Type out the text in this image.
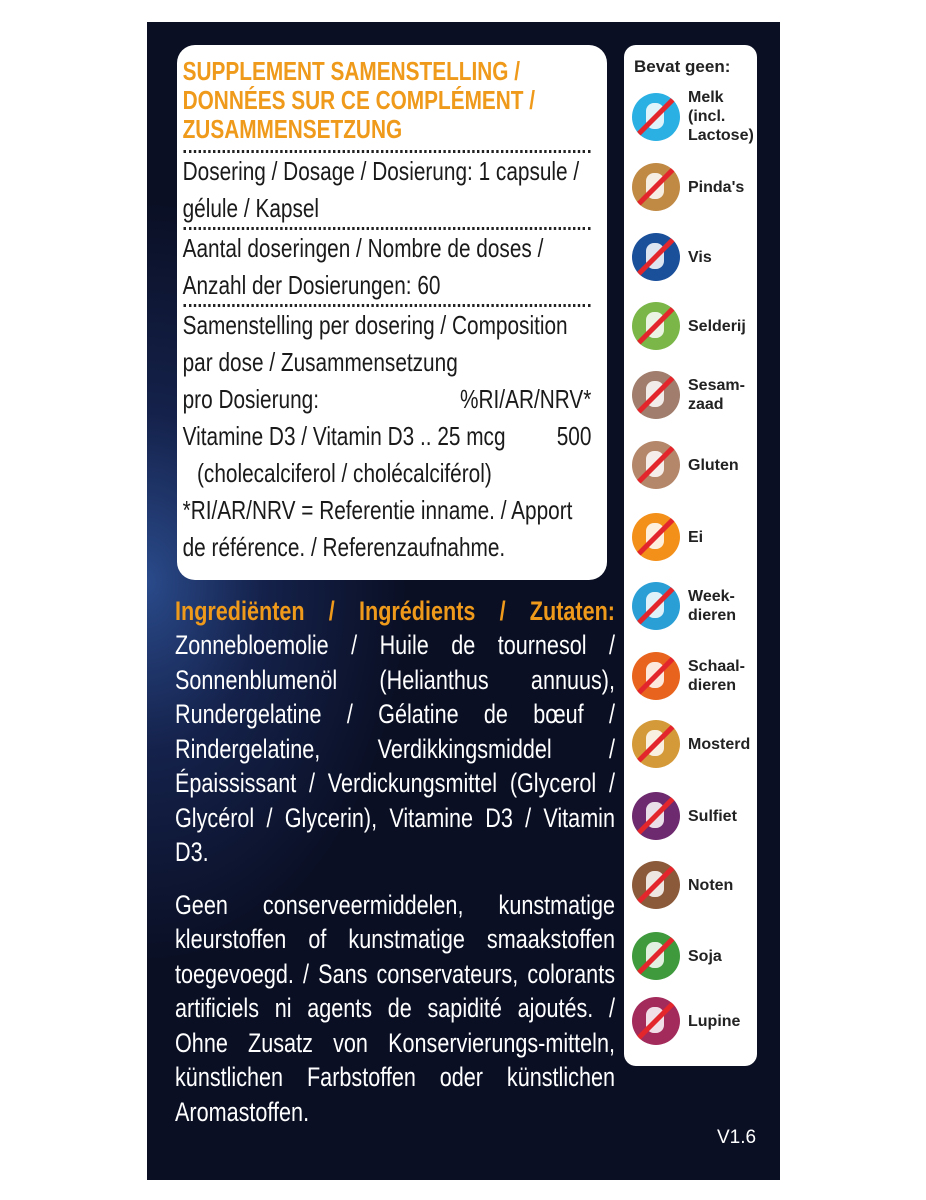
SUPPLEMENT SAMENSTELLING / DONNÉES SUR CE COMPLÉMENT / ZUSAMMENSETZUNG
Dosering / Dosage / Dosierung: 1 capsule / gélule / Kapsel
Aantal doseringen / Nombre de doses / Anzahl der Dosierungen: 60
Samenstelling per dosering / Composition par dose / Zusammensetzung
pro Dosierung:	%RI/AR/NRV*
Vitamine D3 / Vitamin D3 .. 25 mcg 500
(cholecalciferol / cholécalciférol)
*RI/AR/NRV = Referentie inname. / Apport de référence. / Referenzaufnahme.
Ingrediënten / Ingrédients / Zutaten:
Zonnebloemolie / Huile de tournesol / Sonnenblumenöl (Helianthus annuus), Rundergelatine / Gélatine de bœuf / Rindergelatine, Verdikkingsmiddel / Épaississant / Verdickungsmittel (Glycerol / Glycérol / Glycerin), Vitamine D3 / Vitamin D3.
Geen conserveermiddelen, kunstmatige kleurstoffen of kunstmatige smaakstoffen toegevoegd. / Sans conservateurs, colorants artificiels ni agents de sapidité ajoutés. / Ohne Zusatz von Konservierungs-mitteln, künstlichen Farbstoffen oder künstlichen Aromastoffen.
V1.6
Bevat geen:
Melk
(incl.
Lactose)
Pinda's
Vis
Selderij
Sesam-
zaad
Gluten
Ei
Week-
dieren
Schaal-
dieren
Mosterd
Sulfiet
Noten
Soja
Lupine
